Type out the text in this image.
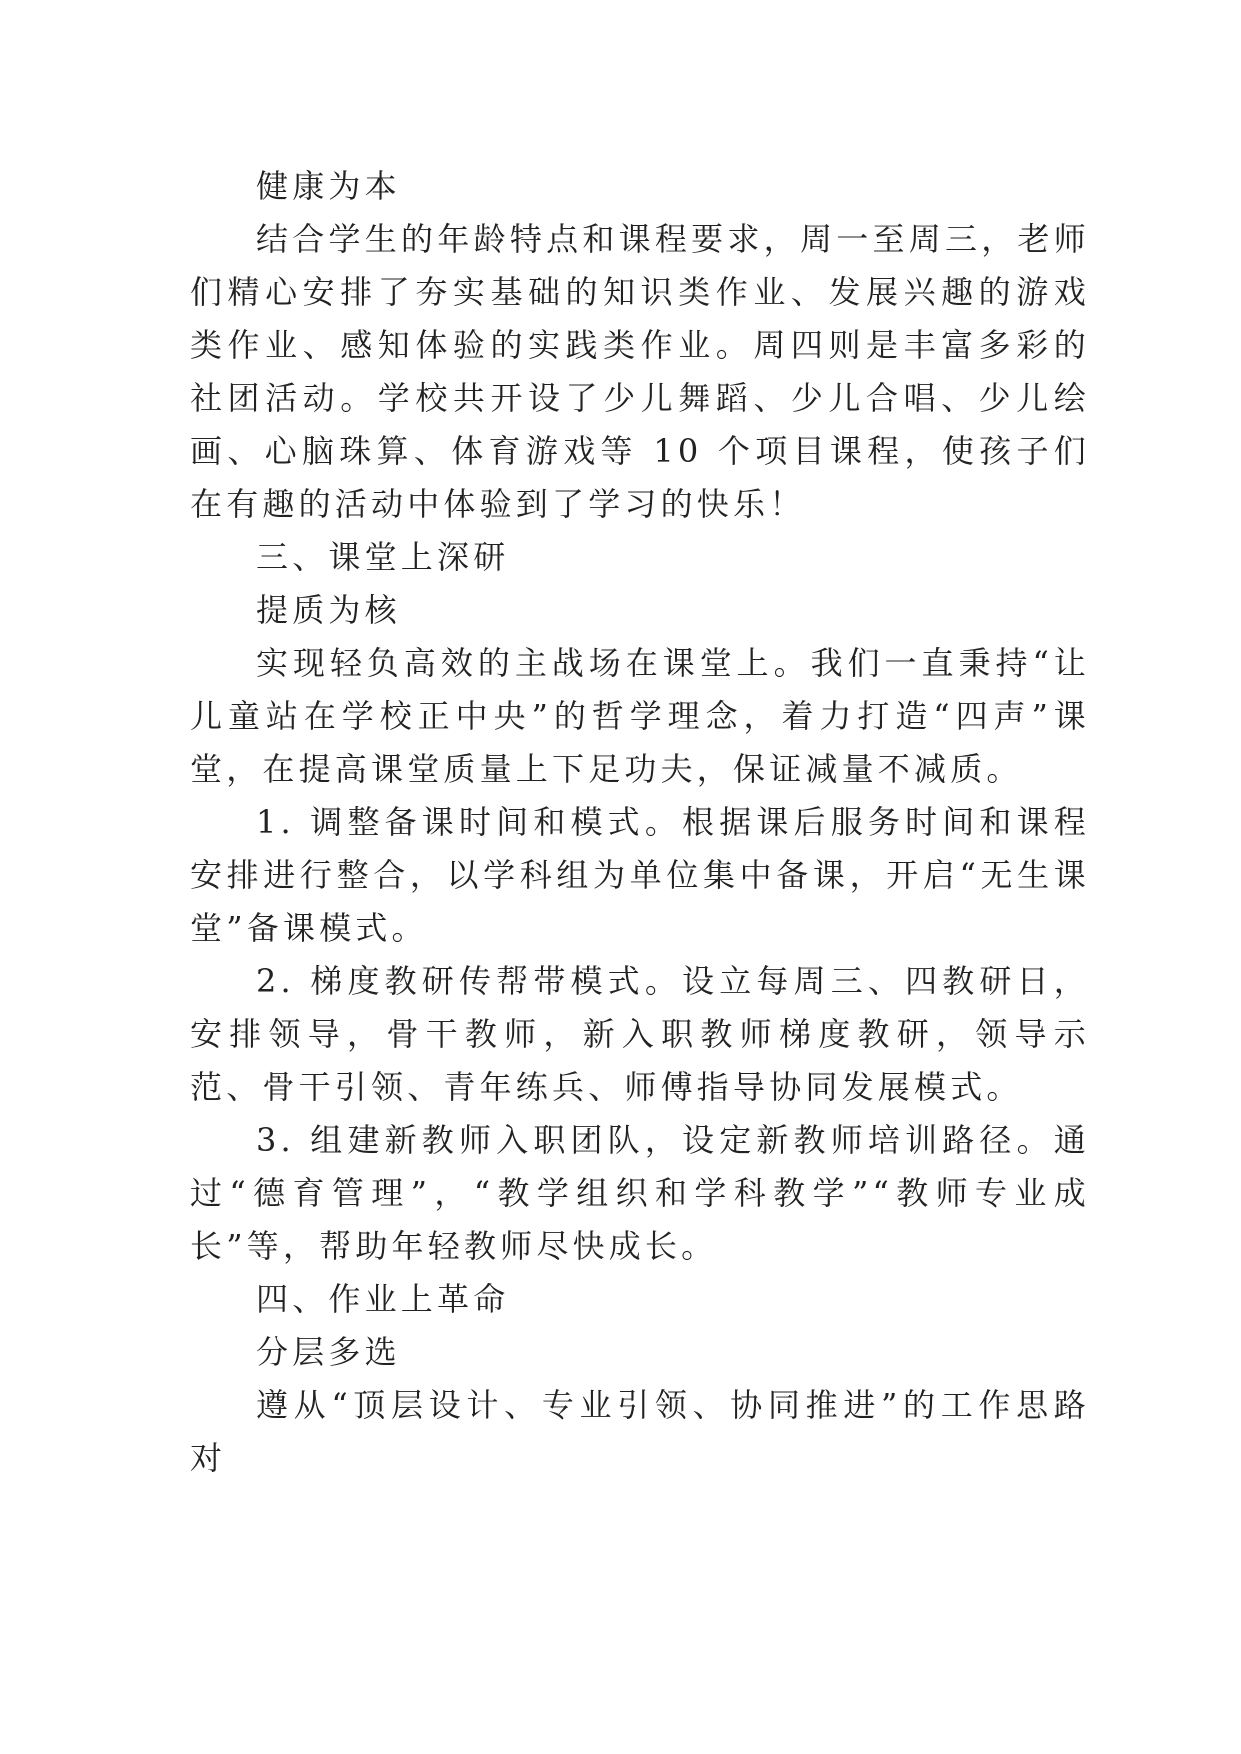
健康为本

结合学生的年龄特点和课程要求，周一至周三，老师们精心安排了夯实基础的知识类作业、发展兴趣的游戏类作业、感知体验的实践类作业。周四则是丰富多彩的社团活动。学校共开设了少儿舞蹈、少儿合唱、少儿绘画、心脑珠算、体育游戏等 10 个项目课程，使孩子们在有趣的活动中体验到了学习的快乐！

三、课堂上深研

提质为核

实现轻负高效的主战场在课堂上。我们一直秉持“让儿童站在学校正中央”的哲学理念，着力打造“四声”课堂，在提高课堂质量上下足功夫，保证减量不减质。

1. 调整备课时间和模式。根据课后服务时间和课程安排进行整合，以学科组为单位集中备课，开启“无生课堂”备课模式。

2. 梯度教研传帮带模式。设立每周三、四教研日，安排领导，骨干教师，新入职教师梯度教研，领导示范、骨干引领、青年练兵、师傅指导协同发展模式。

3. 组建新教师入职团队，设定新教师培训路径。通过“德育管理”，“教学组织和学科教学”“教师专业成长”等，帮助年轻教师尽快成长。

四、作业上革命

分层多选

遵从“顶层设计、专业引领、协同推进”的工作思路对
